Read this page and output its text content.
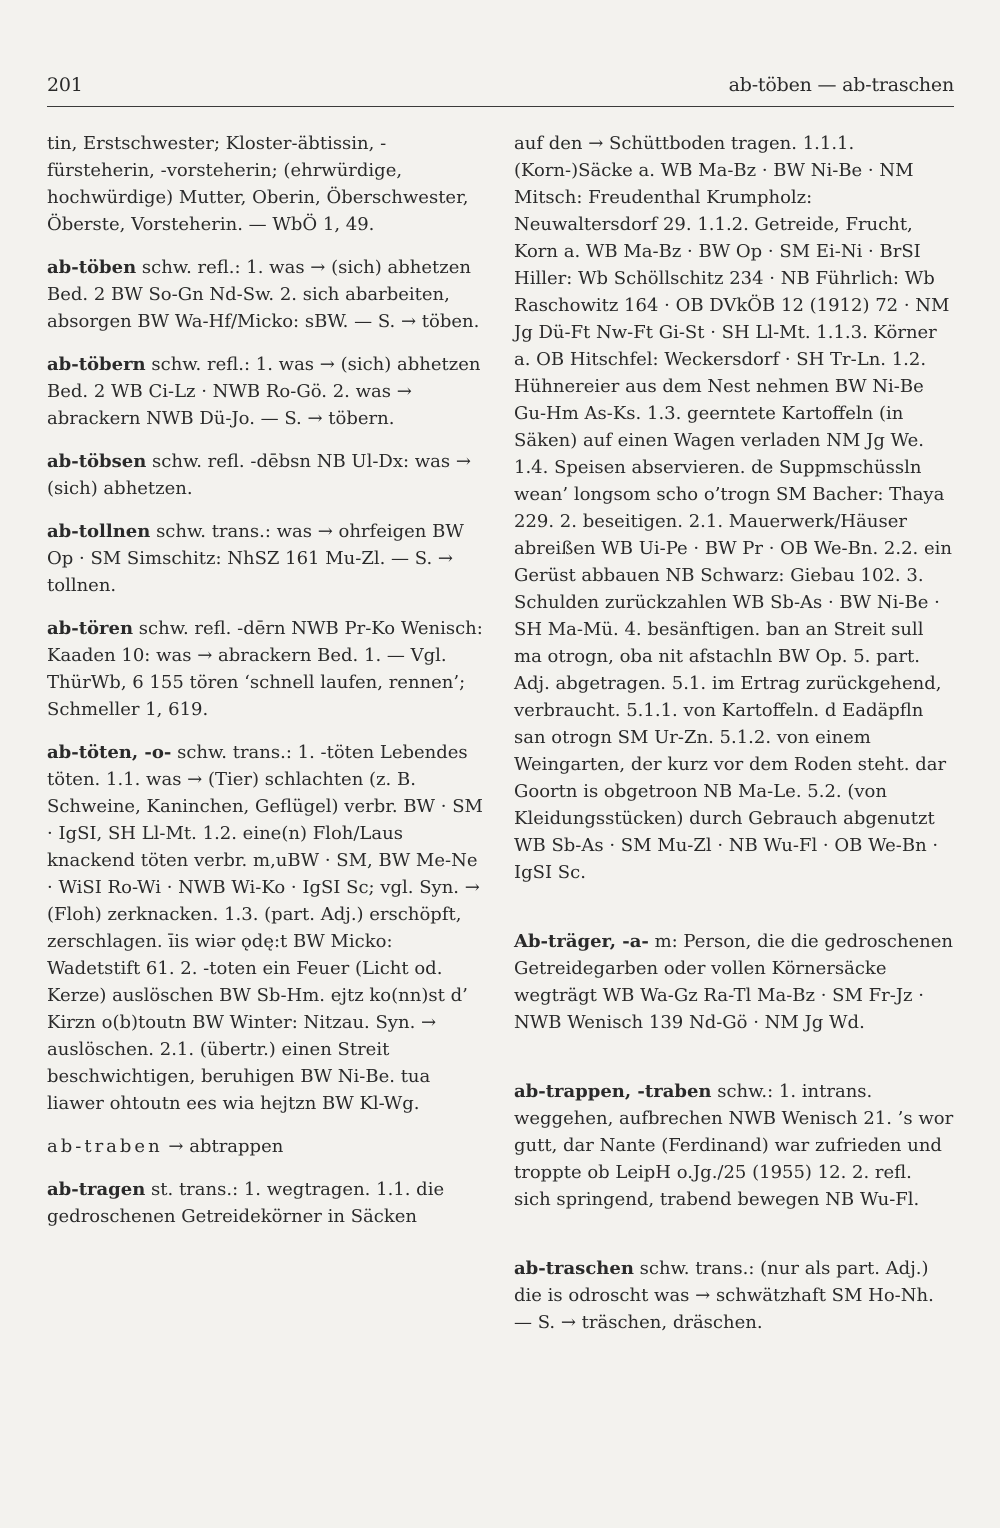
201	ab-töben — ab-traschen

tin, Erstschwester; Kloster-äbtissin, -fürsteherin, -vorsteherin; (ehrwürdige, hochwürdige) Mutter, Oberin, Öberschwester, Öberste, Vorsteherin. — WbÖ 1, 49.

ab-töben schw. refl.: 1. was → (sich) abhetzen Bed. 2 BW So-Gn Nd-Sw. 2. sich abarbeiten, absorgen BW Wa-Hf/Micko: sBW. — S. → töben.

ab-töbern schw. refl.: 1. was → (sich) abhetzen Bed. 2 WB Ci-Lz · NWB Ro-Gö. 2. was → abrackern NWB Dü-Jo. — S. → töbern.

ab-töbsen schw. refl. -dēbsn NB Ul-Dx: was → (sich) abhetzen.

ab-tollnen schw. trans.: was → ohrfeigen BW Op · SM Simschitz: NhSZ 161 Mu-Zl. — S. → tollnen.

ab-tören schw. refl. -dērn NWB Pr-Ko Wenisch: Kaaden 10: was → abrackern Bed. 1. — Vgl. ThürWb, 6 155 tören ‘schnell laufen, rennen’; Schmeller 1, 619.

ab-töten, -o- schw. trans.: 1. -töten Lebendes töten. 1.1. was → (Tier) schlachten (z. B. Schweine, Kaninchen, Geflügel) verbr. BW · SM · IgSI, SH Ll-Mt. 1.2. eine(n) Floh/Laus knackend töten verbr. m,uBW · SM, BW Me-Ne · WiSI Ro-Wi · NWB Wi-Ko · IgSI Sc; vgl. Syn. → (Floh) zerknacken. 1.3. (part. Adj.) erschöpft, zerschlagen. īis wiər ǫdę:t BW Micko: Wadetstift 61. 2. -toten ein Feuer (Licht od. Kerze) auslöschen BW Sb-Hm. ejtz ko(nn)st d’ Kirzn o(b)toutn BW Winter: Nitzau. Syn. → auslöschen. 2.1. (übertr.) einen Streit beschwichtigen, beruhigen BW Ni-Be. tua liawer ohtoutn ees wia hejtzn BW Kl-Wg.

ab-traben → abtrappen

ab-tragen st. trans.: 1. wegtragen. 1.1. die gedroschenen Getreidekörner in Säcken

auf den → Schüttboden tragen. 1.1.1. (Korn-)Säcke a. WB Ma-Bz · BW Ni-Be · NM Mitsch: Freudenthal Krumpholz: Neuwaltersdorf 29. 1.1.2. Getreide, Frucht, Korn a. WB Ma-Bz · BW Op · SM Ei-Ni · BrSI Hiller: Wb Schöllschitz 234 · NB Führlich: Wb Raschowitz 164 · OB DVkÖB 12 (1912) 72 · NM Jg Dü-Ft Nw-Ft Gi-St · SH Ll-Mt. 1.1.3. Körner a. OB Hitschfel: Weckersdorf · SH Tr-Ln. 1.2. Hühnereier aus dem Nest nehmen BW Ni-Be Gu-Hm As-Ks. 1.3. geerntete Kartoffeln (in Säken) auf einen Wagen verladen NM Jg We. 1.4. Speisen abservieren. de Suppmschüssln wean’ longsom scho o’trogn SM Bacher: Thaya 229. 2. beseitigen. 2.1. Mauerwerk/Häuser abreißen WB Ui-Pe · BW Pr · OB We-Bn. 2.2. ein Gerüst abbauen NB Schwarz: Giebau 102. 3. Schulden zurückzahlen WB Sb-As · BW Ni-Be · SH Ma-Mü. 4. besänftigen. ban an Streit sull ma otrogn, oba nit afstachln BW Op. 5. part. Adj. abgetragen. 5.1. im Ertrag zurückgehend, verbraucht. 5.1.1. von Kartoffeln. d Eadäpfln san otrogn SM Ur-Zn. 5.1.2. von einem Weingarten, der kurz vor dem Roden steht. dar Goortn is obgetroon NB Ma-Le. 5.2. (von Kleidungsstücken) durch Gebrauch abgenutzt WB Sb-As · SM Mu-Zl · NB Wu-Fl · OB We-Bn · IgSI Sc.

Ab-träger, -a- m: Person, die die gedroschenen Getreidegarben oder vollen Körnersäcke wegträgt WB Wa-Gz Ra-Tl Ma-Bz · SM Fr-Jz · NWB Wenisch 139 Nd-Gö · NM Jg Wd.

ab-trappen, -traben schw.: 1. intrans. weggehen, aufbrechen NWB Wenisch 21. ’s wor gutt, dar Nante (Ferdinand) war zufrieden und troppte ob LeipH o.Jg./25 (1955) 12. 2. refl. sich springend, trabend bewegen NB Wu-Fl.

ab-traschen schw. trans.: (nur als part. Adj.) die is odroscht was → schwätzhaft SM Ho-Nh. — S. → träschen, dräschen.
